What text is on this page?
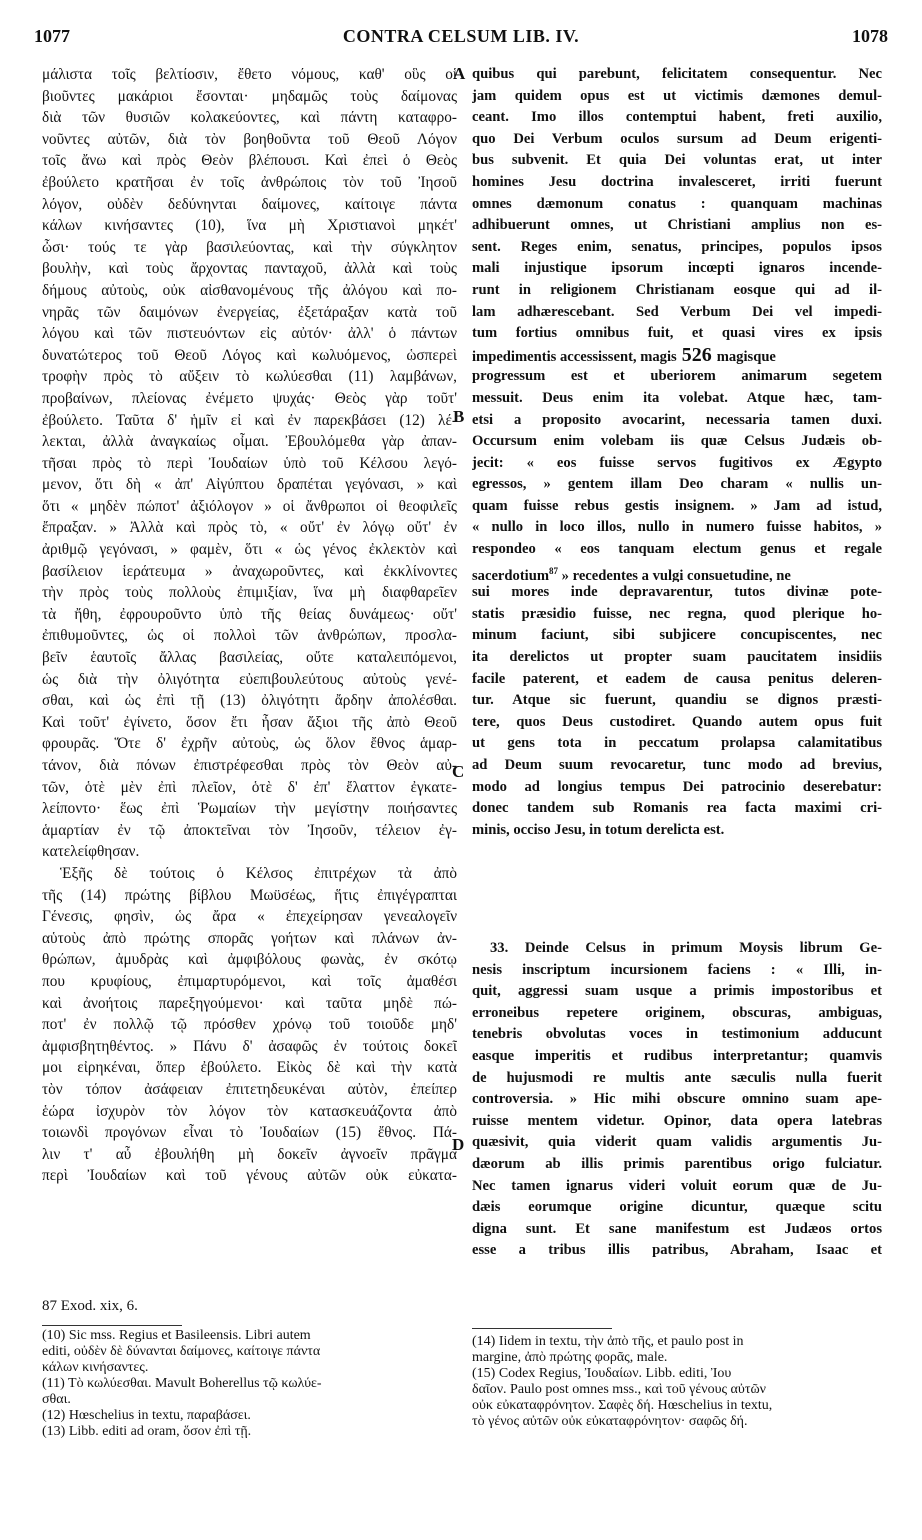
1077	CONTRA CELSUM LIB. IV.	1078
A
B
C
D
μάλιστα τοῖς βελτίοσιν, ἔθετο νόμους, καθ' οὓς οἱ
βιοῦντες μακάριοι ἔσονται· μηδαμῶς τοὺς δαίμονας
διὰ τῶν θυσιῶν κολακεύοντες, καὶ πάντη καταφρο-
νοῦντες αὐτῶν, διὰ τὸν βοηθοῦντα τοῦ Θεοῦ Λόγον
τοῖς ἄνω καὶ πρὸς Θεὸν βλέπουσι. Καὶ ἐπεὶ ὁ Θεὸς
ἐβούλετο κρατῆσαι ἐν τοῖς ἀνθρώποις τὸν τοῦ Ἰησοῦ
λόγον, οὐδὲν δεδύνηνται δαίμονες, καίτοιγε πάντα
κάλων κινήσαντες (10), ἵνα μὴ Χριστιανοὶ μηκέτ'
ὦσι· τούς τε γὰρ βασιλεύοντας, καὶ τὴν σύγκλητον
βουλὴν, καὶ τοὺς ἄρχοντας πανταχοῦ, ἀλλὰ καὶ τοὺς
δήμους αὐτοὺς, οὐκ αἰσθανομένους τῆς ἀλόγου καὶ πο-
νηρᾶς τῶν δαιμόνων ἐνεργείας, ἐξετάραξαν κατὰ τοῦ
λόγου καὶ τῶν πιστευόντων εἰς αὐτόν· ἀλλ' ὁ πάντων
δυνατώτερος τοῦ Θεοῦ Λόγος καὶ κωλυόμενος, ὡσπερεὶ
τροφὴν πρὸς τὸ αὔξειν τὸ κωλύεσθαι (11) λαμβάνων,
προβαίνων, πλείονας ἐνέμετο ψυχάς· Θεὸς γὰρ τοῦτ'
ἐβούλετο. Ταῦτα δ' ἡμῖν εἰ καὶ ἐν παρεκβάσει (12) λέ-
λεκται, ἀλλὰ ἀναγκαίως οἶμαι. Ἐβουλόμεθα γὰρ ἀπαν-
τῆσαι πρὸς τὸ περὶ Ἰουδαίων ὑπὸ τοῦ Κέλσου λεγό-
μενον, ὅτι δὴ « ἀπ' Αἰγύπτου δραπέται γεγόνασι, » καὶ
ὅτι « μηδὲν πώποτ' ἀξιόλογον » οἱ ἄνθρωποι οἱ θεοφιλεῖς
ἔπραξαν. » Ἀλλὰ καὶ πρὸς τὸ, « οὔτ' ἐν λόγῳ οὔτ' ἐν
ἀριθμῷ γεγόνασι, » φαμὲν, ὅτι « ὡς γένος ἐκλεκτὸν καὶ
βασίλειον ἱεράτευμα » ἀναχωροῦντες, καὶ ἐκκλίνοντες
τὴν πρὸς τοὺς πολλοὺς ἐπιμιξίαν, ἵνα μὴ διαφθαρεῖεν
τὰ ἤθη, ἐφρουροῦντο ὑπὸ τῆς θείας δυνάμεως· οὔτ'
ἐπιθυμοῦντες, ὡς οἱ πολλοὶ τῶν ἀνθρώπων, προσλα-
βεῖν ἑαυτοῖς ἄλλας βασιλείας, οὔτε καταλειπόμενοι,
ὡς διὰ τὴν ὀλιγότητα εὐεπιβουλεύτους αὐτοὺς γενέ-
σθαι, καὶ ὡς ἐπὶ τῇ (13) ὀλιγότητι ἄρδην ἀπολέσθαι.
Καὶ τοῦτ' ἐγίνετο, ὅσον ἔτι ἦσαν ἄξιοι τῆς ἀπὸ Θεοῦ
φρουρᾶς. Ὅτε δ' ἐχρῆν αὐτοὺς, ὡς ὅλον ἔθνος ἁμαρ-
τάνον, διὰ πόνων ἐπιστρέφεσθαι πρὸς τὸν Θεὸν αὐ-
τῶν, ὁτὲ μὲν ἐπὶ πλεῖον, ὁτὲ δ' ἐπ' ἔλαττον ἐγκατε-
λείποντο· ἕως ἐπὶ Ῥωμαίων τὴν μεγίστην ποιήσαντες
ἁμαρτίαν ἐν τῷ ἀποκτεῖναι τὸν Ἰησοῦν, τέλειον ἐγ-
κατελείφθησαν.
Ἑξῆς δὲ τούτοις ὁ Κέλσος ἐπιτρέχων τὰ ἀπὸ
τῆς (14) πρώτης βίβλου Μωϋσέως, ἥτις ἐπιγέγραπται
Γένεσις, φησὶν, ὡς ἄρα « ἐπεχείρησαν γενεαλογεῖν
αὑτοὺς ἀπὸ πρώτης σπορᾶς γοήτων καὶ πλάνων ἀν-
θρώπων, ἀμυδρὰς καὶ ἀμφιβόλους φωνὰς, ἐν σκότῳ
που κρυφίους, ἐπιμαρτυρόμενοι, καὶ τοῖς ἀμαθέσι
καὶ ἀνοήτοις παρεξηγούμενοι· καὶ ταῦτα μηδὲ πώ-
ποτ' ἐν πολλῷ τῷ πρόσθεν χρόνῳ τοῦ τοιοῦδε μηδ'
ἀμφισβητηθέντος. » Πάνυ δ' ἀσαφῶς ἐν τούτοις δοκεῖ
μοι εἰρηκέναι, ὅπερ ἐβούλετο. Εἰκὸς δὲ καὶ τὴν κατὰ
τὸν τόπον ἀσάφειαν ἐπιτετηδευκέναι αὐτὸν, ἐπείπερ
ἑώρα ἰσχυρὸν τὸν λόγον τὸν κατασκευάζοντα ἀπὸ
τοιωνδὶ προγόνων εἶναι τὸ Ἰουδαίων (15) ἔθνος. Πά-
λιν τ' αὖ ἐβουλήθη μὴ δοκεῖν ἀγνοεῖν πρᾶγμα
περὶ Ἰουδαίων καὶ τοῦ γένους αὐτῶν οὐκ εὐκατα-
quibus qui parebunt, felicitatem consequentur. Nec
jam quidem opus est ut victimis dæmones demul-
ceant. Imo illos contemptui habent, freti auxilio,
quo Dei Verbum oculos sursum ad Deum erigenti-
bus subvenit. Et quia Dei voluntas erat, ut inter
homines Jesu doctrina invalesceret, irriti fuerunt
omnes dæmonum conatus : quanquam machinas
adhibuerunt omnes, ut Christiani amplius non es-
sent. Reges enim, senatus, principes, populos ipsos
mali injustique ipsorum incœpti ignaros incende-
runt in religionem Christianam eosque qui ad il-
lam adhærescebant. Sed Verbum Dei vel impedi-
tum fortius omnibus fuit, et quasi vires ex ipsis
impedimentis accessissent, magis 526 magisque
progressum est et uberiorem animarum segetem
messuit. Deus enim ita volebat. Atque hæc, tam-
etsi a proposito avocarint, necessaria tamen duxi.
Occursum enim volebam iis quæ Celsus Judæis ob-
jecit: « eos fuisse servos fugitivos ex Ægypto
egressos, » gentem illam Deo charam « nullis un-
quam fuisse rebus gestis insignem. » Jam ad istud,
« nullo in loco illos, nullo in numero fuisse habitos, »
respondeo « eos tanquam electum genus et regale
sacerdotium$^{87}$ » recedentes a vulgi consuetudine, ne
sui mores inde depravarentur, tutos divinæ pote-
statis præsidio fuisse, nec regna, quod plerique ho-
minum faciunt, sibi subjicere concupiscentes, nec
ita derelictos ut propter suam paucitatem insidiis
facile paterent, et eadem de causa penitus deleren-
tur. Atque sic fuerunt, quandiu se dignos præsti-
tere, quos Deus custodiret. Quando autem opus fuit
ut gens tota in peccatum prolapsa calamitatibus
ad Deum suum revocaretur, tunc modo ad brevius,
modo ad longius tempus Dei patrocinio deserebatur:
donec tandem sub Romanis rea facta maximi cri-
minis, occiso Jesu, in totum derelicta est.
33. Deinde Celsus in primum Moysis librum Ge-
nesis inscriptum incursionem faciens : « Illi, in-
quit, aggressi suam usque a primis impostoribus et
erroneibus repetere originem, obscuras, ambiguas,
tenebris obvolutas voces in testimonium adducunt
easque imperitis et rudibus interpretantur; quamvis
de hujusmodi re multis ante sæculis nulla fuerit
controversia. » Hic mihi obscure omnino suam ape-
ruisse mentem videtur. Opinor, data opera latebras
quæsivit, quia viderit quam validis argumentis Ju-
dæorum ab illis primis parentibus origo fulciatur.
Nec tamen ignarus videri voluit eorum quæ de Ju-
dæis eorumque origine dicuntur, quæque scitu
digna sunt. Et sane manifestum est Judæos ortos
esse a tribus illis patribus, Abraham, Isaac et
87 Exod. xix, 6.
(10) Sic mss. Regius et Basileensis. Libri autem
editi, οὐδὲν δὲ δύνανται δαίμονες, καίτοιγε πάντα
κάλων κινήσαντες.
(11) Τὸ κωλύεσθαι. Mavult Boherellus τῷ κωλύε-
σθαι.
(12) Hœschelius in textu, παραβάσει.
(13) Libb. editi ad oram, ὅσον ἐπὶ τῇ.
(14) Iidem in textu, τὴν ἀπὸ τῆς, et paulo post in
margine, ἀπὸ πρώτης φορᾶς, male.
(15) Codex Regius, Ἰουδαίων. Libb. editi, Ἰου
δαῖον. Paulo post omnes mss., καὶ τοῦ γένους αὐτῶν
οὐκ εὐκαταφρόνητον. Σαφὲς δή. Hœschelius in textu,
τὸ γένος αὐτῶν οὐκ εὐκαταφρόνητον· σαφῶς δή.
